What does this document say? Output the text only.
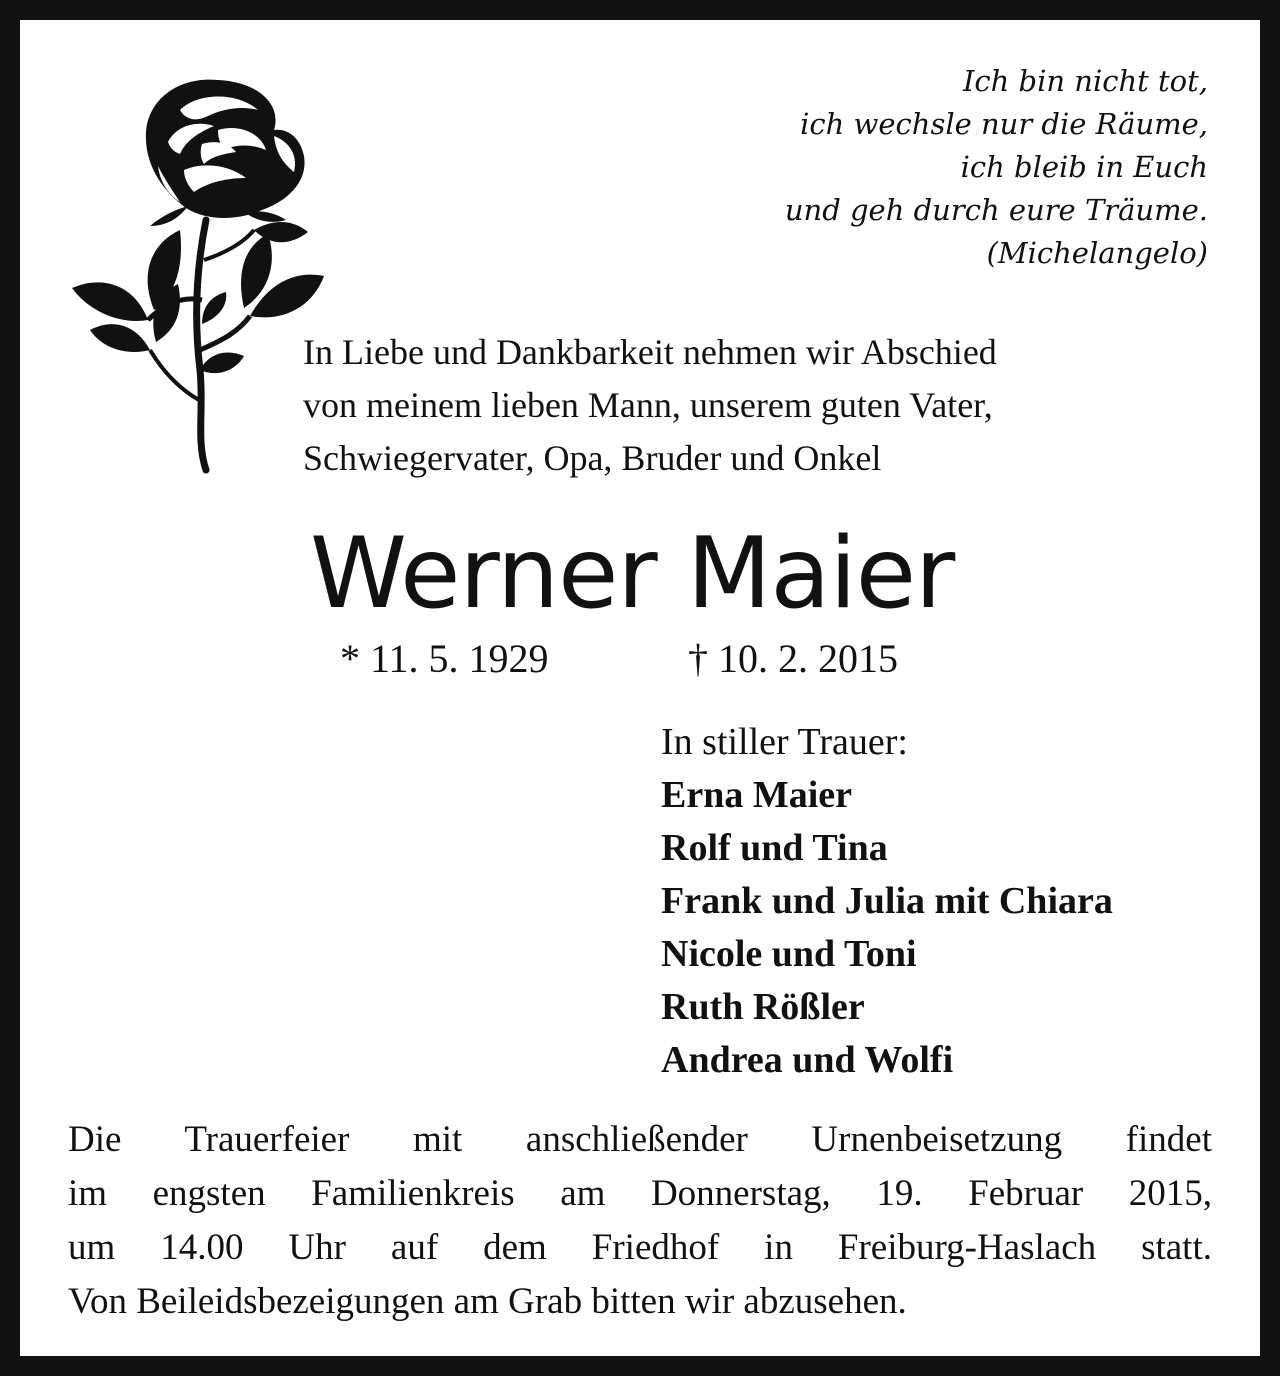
Ich bin nicht tot,
ich wechsle nur die Räume,
ich bleib in Euch
und geh durch eure Träume.
(Michelangelo)
In Liebe und Dankbarkeit nehmen wir Abschied
von meinem lieben Mann, unserem guten Vater,
Schwiegervater, Opa, Bruder und Onkel
Werner Maier
* 11. 5. 1929	† 10. 2. 2015
In stiller Trauer:
Erna Maier
Rolf und Tina
Frank und Julia mit Chiara
Nicole und Toni
Ruth Rößler
Andrea und Wolfi
Die Trauerfeier mit anschließender Urnenbeisetzung findet
im engsten Familienkreis am Donnerstag, 19. Februar 2015,
um 14.00 Uhr auf dem Friedhof in Freiburg-Haslach statt.
Von Beileidsbezeigungen am Grab bitten wir abzusehen.
